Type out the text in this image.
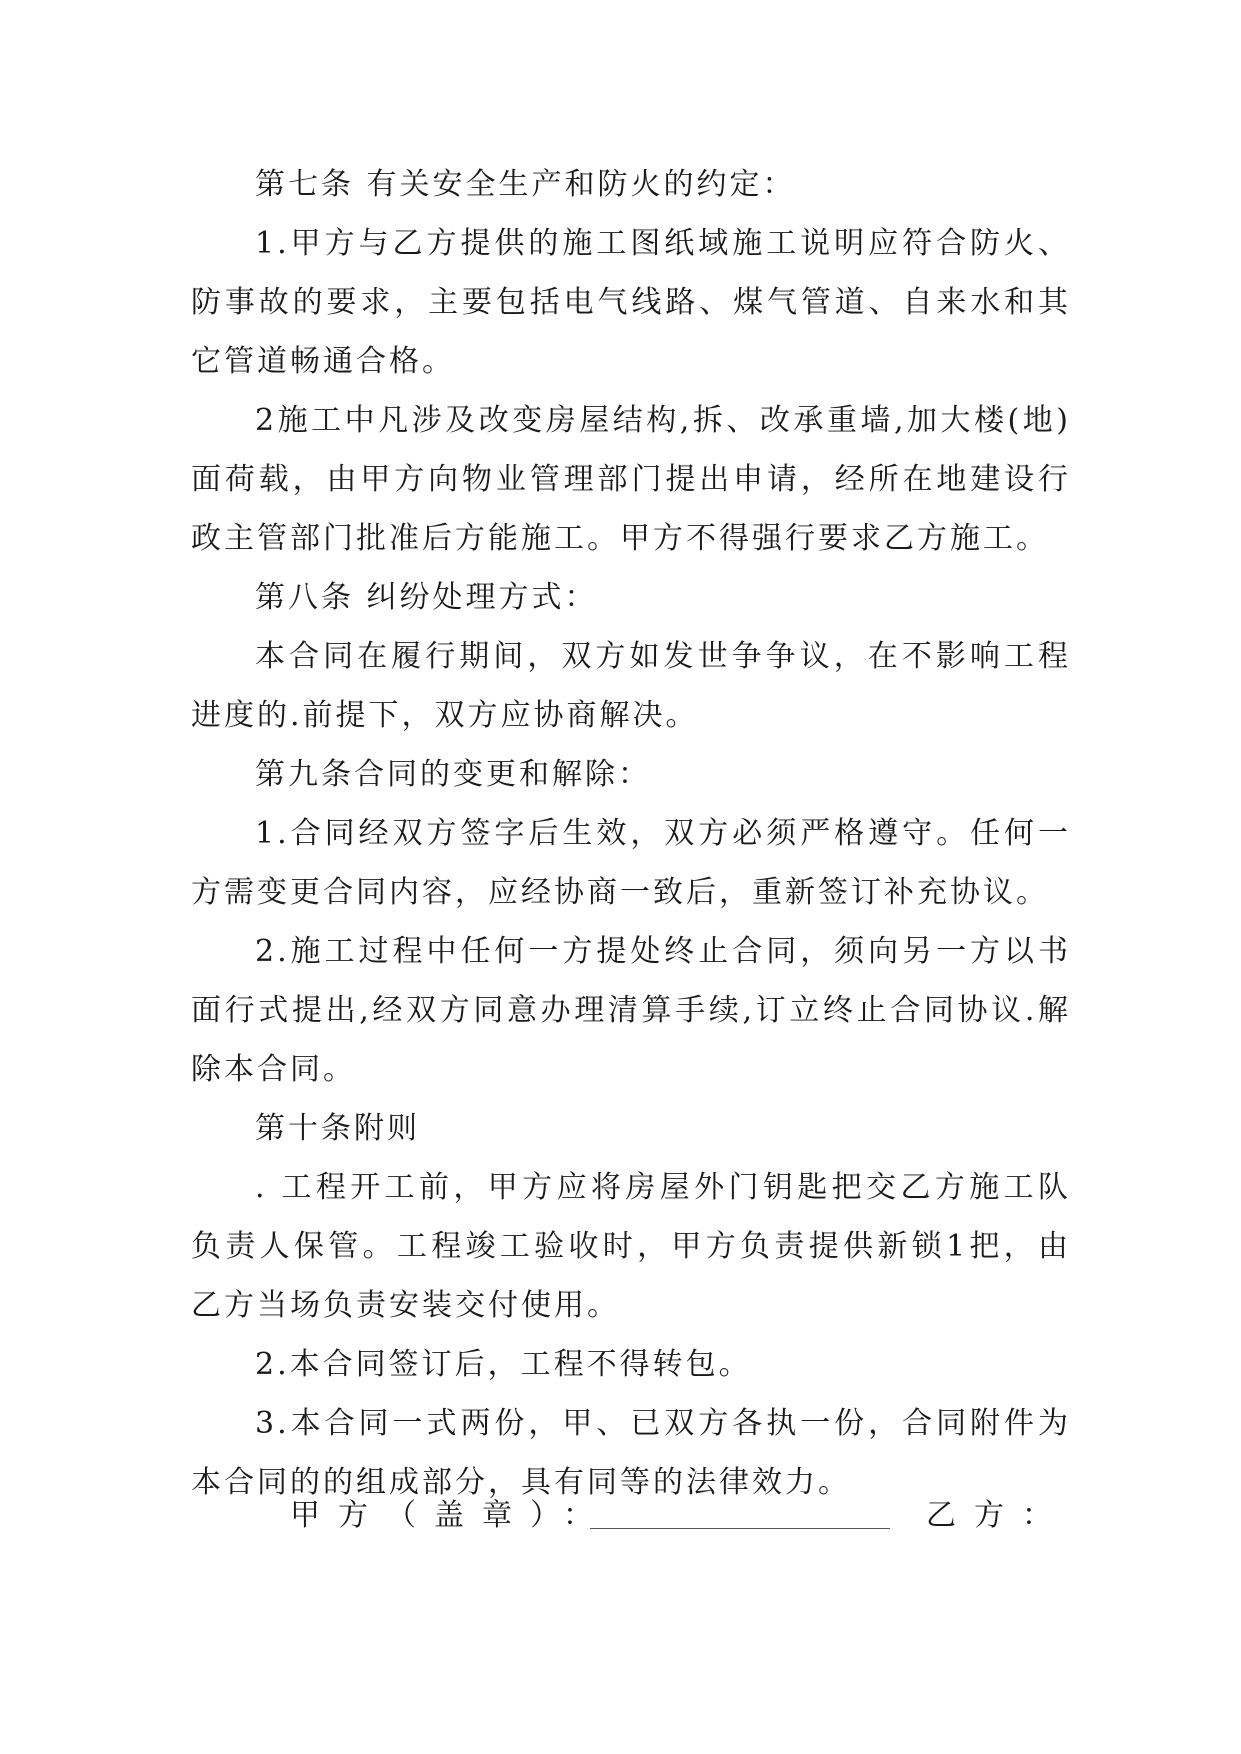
第七条 有关安全生产和防火的约定：

1.甲方与乙方提供的施工图纸域施工说明应符合防火、防事故的要求，主要包括电气线路、煤气管道、自来水和其它管道畅通合格。

2施工中凡涉及改变房屋结构,拆、改承重墙,加大楼(地)面荷载，由甲方向物业管理部门提出申请，经所在地建设行政主管部门批准后方能施工。甲方不得强行要求乙方施工。

第八条 纠纷处理方式：

本合同在履行期间，双方如发世争争议，在不影响工程进度的.前提下，双方应协商解决。

第九条合同的变更和解除：

1.合同经双方签字后生效，双方必须严格遵守。任何一方需变更合同内容，应经协商一致后，重新签订补充协议。

2.施工过程中任何一方提处终止合同，须向另一方以书面行式提出,经双方同意办理清算手续,订立终止合同协议.解除本合同。

第十条附则

. 工程开工前，甲方应将房屋外门钥匙把交乙方施工队负责人保管。工程竣工验收时，甲方负责提供新锁1把，由乙方当场负责安装交付使用。

2.本合同签订后，工程不得转包。

3.本合同一式两份，甲、已双方各执一份，合同附件为本合同的的组成部分，具有同等的法律效力。

甲方（盖章）：	乙方：
